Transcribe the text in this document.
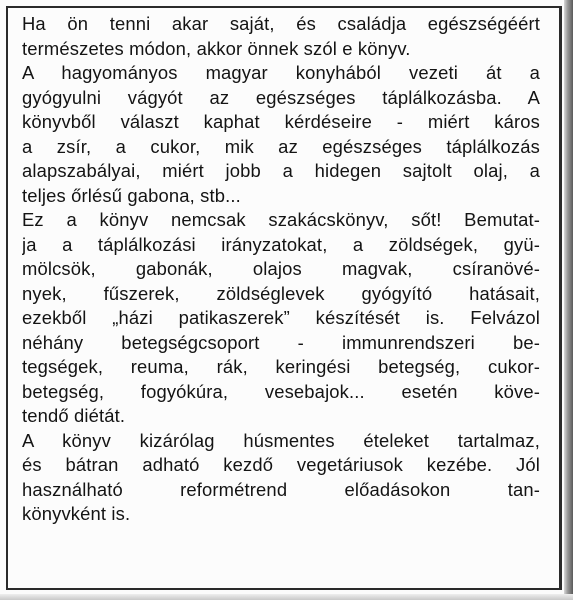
Ha ön tenni akar saját, és családja egészségéért
természetes módon, akkor önnek szól e könyv.
A hagyományos magyar konyhából vezeti át a
gyógyulni vágyót az egészséges táplálkozásba. A
könyvből választ kaphat kérdéseire - miért káros
a zsír, a cukor, mik az egészséges táplálkozás
alapszabályai, miért jobb a hidegen sajtolt olaj, a
teljes őrlésű gabona, stb...
Ez a könyv nemcsak szakácskönyv, sőt! Bemutat-
ja a táplálkozási irányzatokat, a zöldségek, gyü-
mölcsök, gabonák, olajos magvak, csíranövé-
nyek, fűszerek, zöldséglevek gyógyító hatásait,
ezekből „házi patikaszerek” készítését is. Felvázol
néhány betegségcsoport - immunrendszeri be-
tegségek, reuma, rák, keringési betegség, cukor-
betegség, fogyókúra, vesebajok... esetén köve-
tendő diétát.
A könyv kizárólag húsmentes ételeket tartalmaz,
és bátran adható kezdő vegetáriusok kezébe. Jól
használható reformétrend előadásokon tan-
könyvként is.
